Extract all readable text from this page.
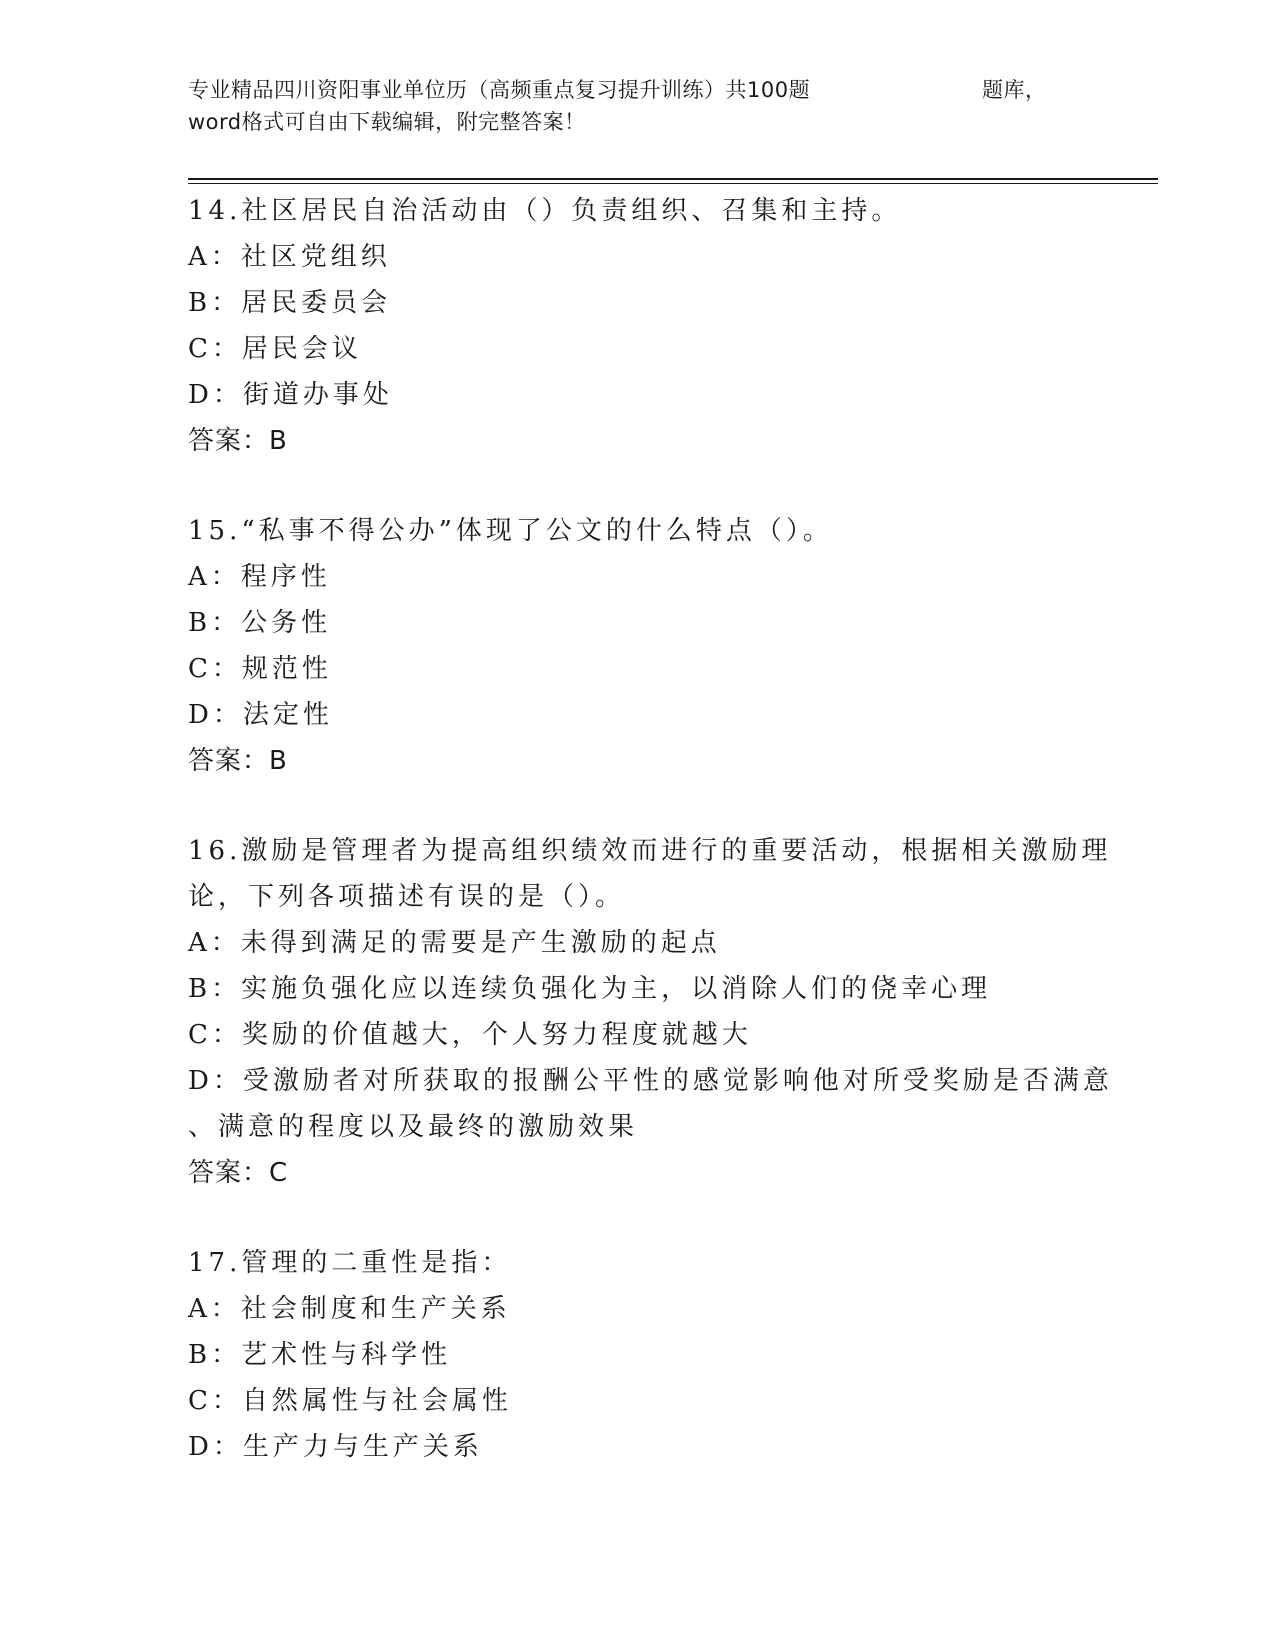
专业精品四川资阳事业单位历（高频重点复习提升训练）共100题	题库，
word格式可自由下载编辑，附完整答案！
14.社区居民自治活动由（）负责组织、召集和主持。
A：社区党组织
B：居民委员会
C：居民会议
D：街道办事处
答案：B
15.“私事不得公办”体现了公文的什么特点（）。
A：程序性
B：公务性
C：规范性
D：法定性
答案：B
16.激励是管理者为提高组织绩效而进行的重要活动，根据相关激励理
论，下列各项描述有误的是（）。
A：未得到满足的需要是产生激励的起点
B：实施负强化应以连续负强化为主，以消除人们的侥幸心理
C：奖励的价值越大，个人努力程度就越大
D：受激励者对所获取的报酬公平性的感觉影响他对所受奖励是否满意
、满意的程度以及最终的激励效果
答案：C
17.管理的二重性是指：
A：社会制度和生产关系
B：艺术性与科学性
C：自然属性与社会属性
D：生产力与生产关系
